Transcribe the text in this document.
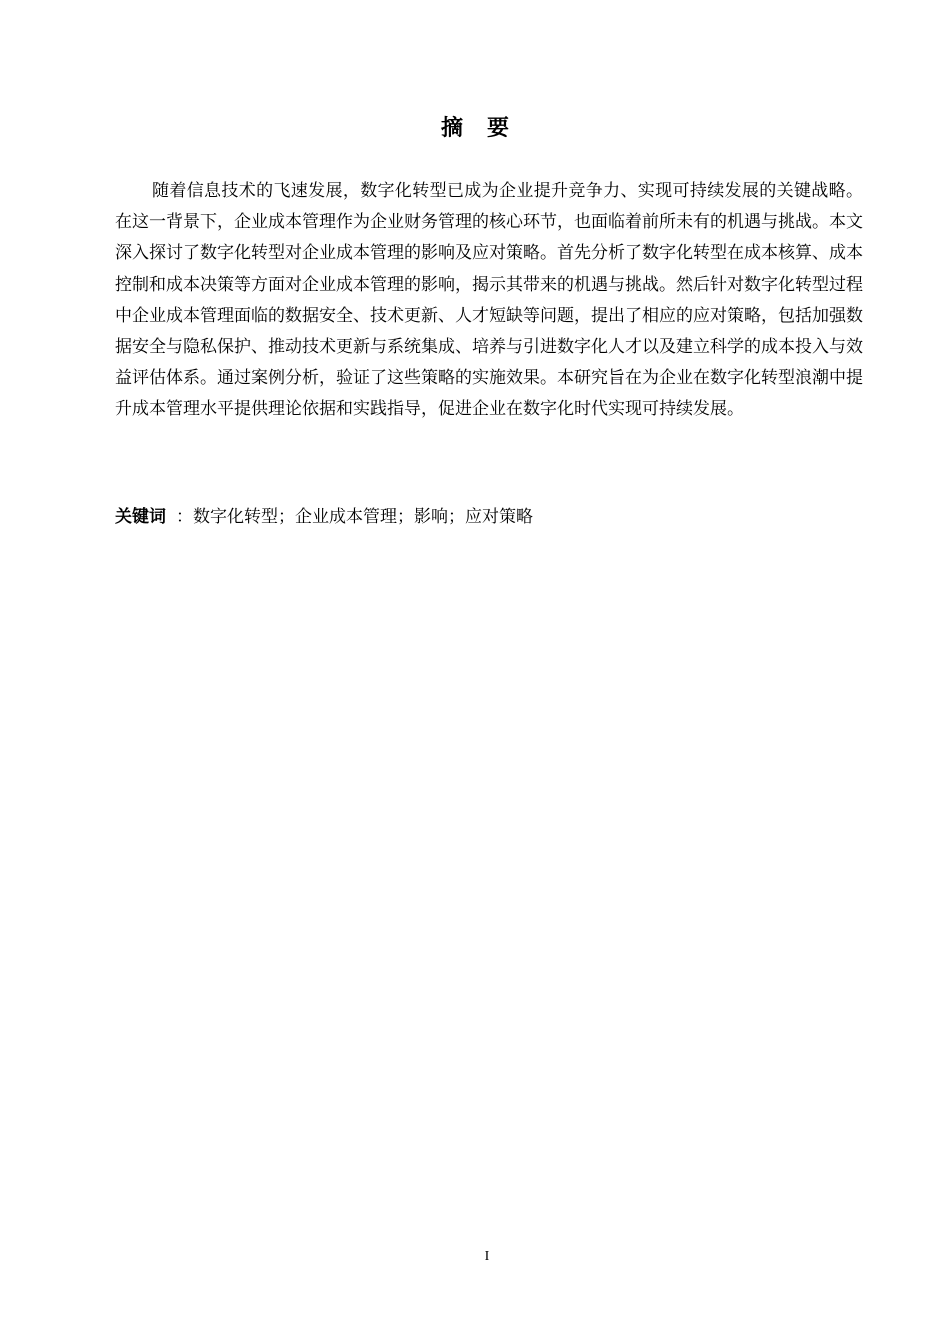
摘要

随着信息技术的飞速发展，数字化转型已成为企业提升竞争力、实现可持续发展的关键战略。在这一背景下，企业成本管理作为企业财务管理的核心环节，也面临着前所未有的机遇与挑战。本文深入探讨了数字化转型对企业成本管理的影响及应对策略。首先分析了数字化转型在成本核算、成本控制和成本决策等方面对企业成本管理的影响，揭示其带来的机遇与挑战。然后针对数字化转型过程中企业成本管理面临的数据安全、技术更新、人才短缺等问题，提出了相应的应对策略，包括加强数据安全与隐私保护、推动技术更新与系统集成、培养与引进数字化人才以及建立科学的成本投入与效益评估体系。通过案例分析，验证了这些策略的实施效果。本研究旨在为企业在数字化转型浪潮中提升成本管理水平提供理论依据和实践指导，促进企业在数字化时代实现可持续发展。

关键词 ：数字化转型；企业成本管理；影响；应对策略
I
